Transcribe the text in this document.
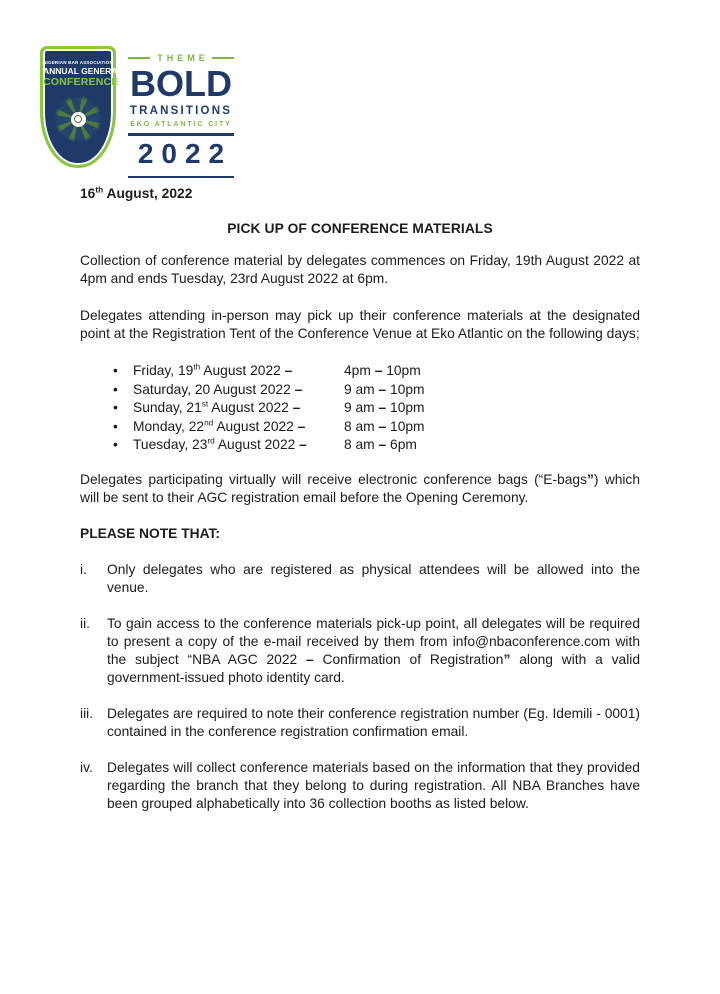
NIGERIAN BAR ASSOCIATION
ANNUAL GENERAL
CONFERENCE
THEME
BOLD
TRANSITIONS
EKO ATLANTIC CITY
2022

16th August, 2022

PICK UP OF CONFERENCE MATERIALS

Collection of conference material by delegates commences on Friday, 19th August 2022 at 4pm and ends Tuesday, 23rd August 2022 at 6pm.

Delegates attending in-person may pick up their conference materials at the designated point at the Registration Tent of the Conference Venue at Eko Atlantic on the following days;

•	Friday, 19th August 2022 –	4pm – 10pm
•	Saturday, 20 August 2022 –	9 am – 10pm
•	Sunday, 21st August 2022 –	9 am – 10pm
•	Monday, 22nd August 2022 –	8 am – 10pm
•	Tuesday, 23rd August 2022 –	8 am – 6pm

Delegates participating virtually will receive electronic conference bags (“E-bags”) which will be sent to their AGC registration email before the Opening Ceremony.

PLEASE NOTE THAT:

i.	Only delegates who are registered as physical attendees will be allowed into the venue.

ii.	To gain access to the conference materials pick-up point, all delegates will be required to present a copy of the e-mail received by them from info@nbaconference.com with the subject “NBA AGC 2022 – Confirmation of Registration” along with a valid government-issued photo identity card.

iii.	Delegates are required to note their conference registration number (Eg. Idemili - 0001) contained in the conference registration confirmation email.

iv.	Delegates will collect conference materials based on the information that they provided regarding the branch that they belong to during registration. All NBA Branches have been grouped alphabetically into 36 collection booths as listed below.
